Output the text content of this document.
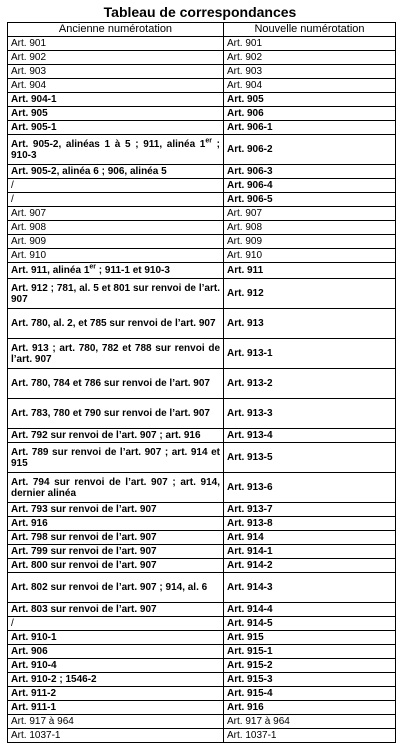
Tableau de correspondances
Ancienne numérotation	Nouvelle numérotation
Art. 901	Art. 901
Art. 902	Art. 902
Art. 903	Art. 903
Art. 904	Art. 904
Art. 904-1	Art. 905
Art. 905	Art. 906
Art. 905-1	Art. 906-1
Art. 905-2, alinéas 1 à 5 ; 911, alinéa 1er ; 910-3	Art. 906-2
Art. 905-2, alinéa 6 ; 906, alinéa 5	Art. 906-3
/	Art. 906-4
/	Art. 906-5
Art. 907	Art. 907
Art. 908	Art. 908
Art. 909	Art. 909
Art. 910	Art. 910
Art. 911, alinéa 1er ; 911-1 et 910-3	Art. 911
Art. 912 ; 781, al. 5 et 801 sur renvoi de l’art. 907	Art. 912
Art. 780, al. 2, et 785 sur renvoi de l’art. 907	Art. 913
Art. 913 ; art. 780, 782 et 788 sur renvoi de l’art. 907	Art. 913-1
Art. 780, 784 et 786 sur renvoi de l’art. 907	Art. 913-2
Art. 783, 780 et 790 sur renvoi de l’art. 907	Art. 913-3
Art. 792 sur renvoi de l’art. 907 ; art. 916	Art. 913-4
Art. 789 sur renvoi de l’art. 907 ; art. 914 et 915	Art. 913-5
Art. 794 sur renvoi de l’art. 907 ; art. 914, dernier alinéa	Art. 913-6
Art. 793 sur renvoi de l’art. 907	Art. 913-7
Art. 916	Art. 913-8
Art. 798 sur renvoi de l’art. 907	Art. 914
Art. 799 sur renvoi de l’art. 907	Art. 914-1
Art. 800 sur renvoi de l’art. 907	Art. 914-2
Art. 802 sur renvoi de l’art. 907 ; 914, al. 6	Art. 914-3
Art. 803 sur renvoi de l’art. 907	Art. 914-4
/	Art. 914-5
Art. 910-1	Art. 915
Art. 906	Art. 915-1
Art. 910-4	Art. 915-2
Art. 910-2 ; 1546-2	Art. 915-3
Art. 911-2	Art. 915-4
Art. 911-1	Art. 916
Art. 917 à 964	Art. 917 à 964
Art. 1037-1	Art. 1037-1
